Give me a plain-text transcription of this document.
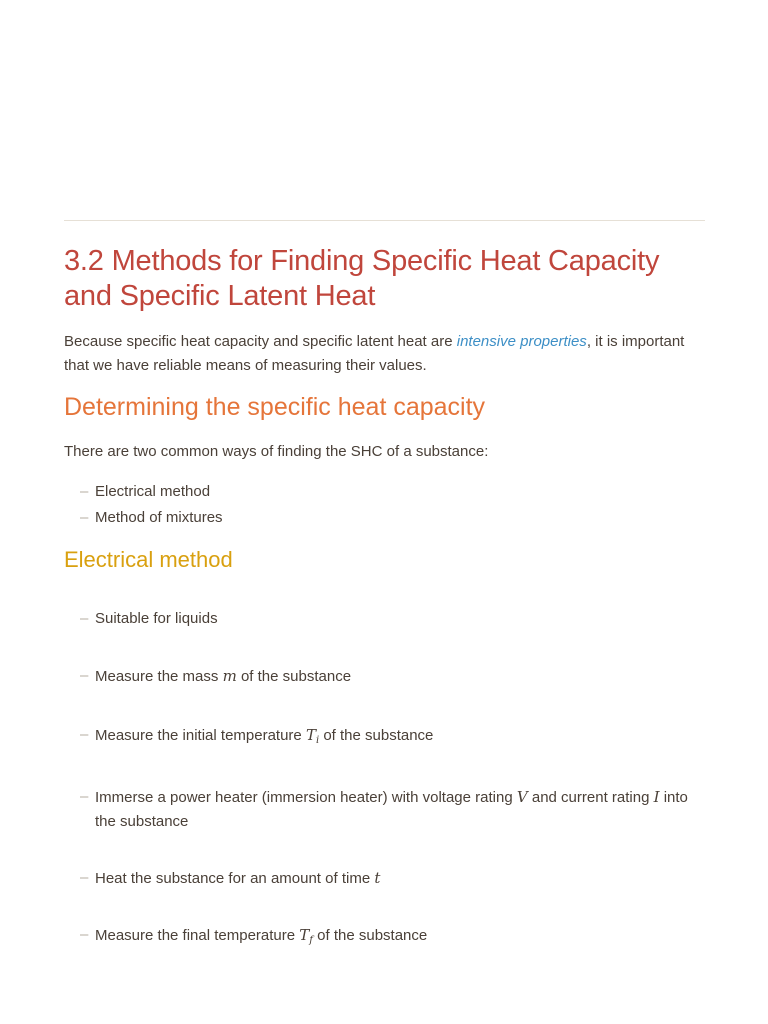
3.2 Methods for Finding Specific Heat Capacity and Specific Latent Heat

Because specific heat capacity and specific latent heat are intensive properties, it is important that we have reliable means of measuring their values.

Determining the specific heat capacity

There are two common ways of finding the SHC of a substance:

– Electrical method
– Method of mixtures
Electrical method
– Suitable for liquids
– Measure the mass m of the substance
– Measure the initial temperature $T_i$ of the substance
– Immerse a power heater (immersion heater) with voltage rating V and current rating I into the substance
– Heat the substance for an amount of time t
– Measure the final temperature $T_f$ of the substance
